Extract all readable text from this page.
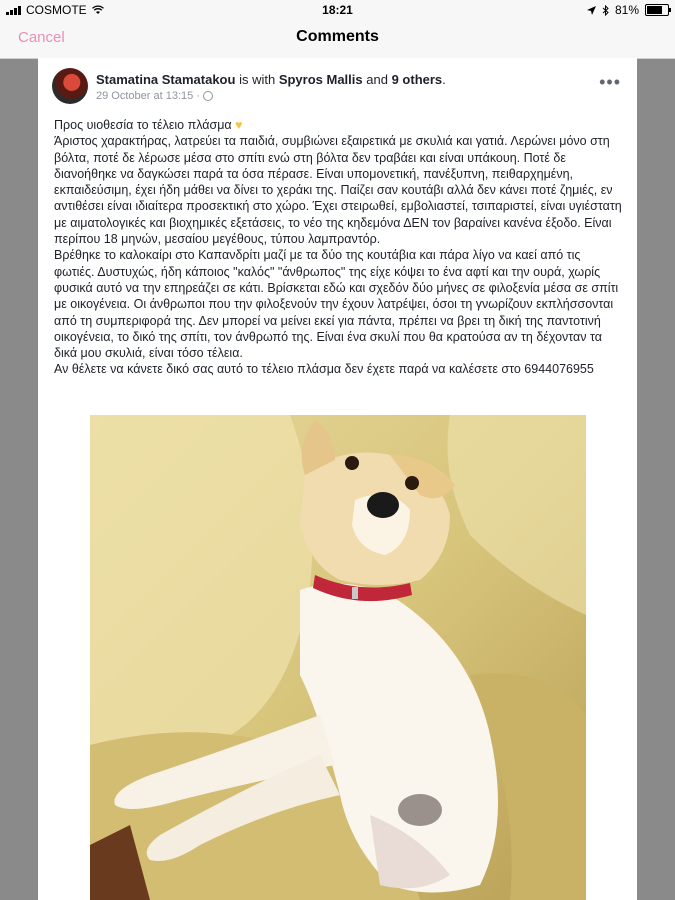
COSMOTE	18:21	81%
Cancel	Comments
Stamatina Stamatakou is with Spyros Mallis and 9 others.
29 October at 13:15 ·
•••

Προς υιοθεσία το τέλειο πλάσμα ♥

Άριστος χαρακτήρας, λατρεύει τα παιδιά, συμβιώνει εξαιρετικά με σκυλιά και γατιά. Λερώνει μόνο στη βόλτα, ποτέ δε λέρωσε μέσα στο σπίτι ενώ στη βόλτα δεν τραβάει και είναι υπάκουη. Ποτέ δε διανοήθηκε να δαγκώσει παρά τα όσα πέρασε. Είναι υπομονετική, πανέξυπνη, πειθαρχημένη, εκπαιδεύσιμη, έχει ήδη μάθει να δίνει το χεράκι της. Παίζει σαν κουτάβι αλλά δεν κάνει ποτέ ζημιές, εν αντιθέσει είναι ιδιαίτερα προσεκτική στο χώρο. Έχει στειρωθεί, εμβολιαστεί, τσιπαριστεί, είναι υγιέστατη με αιματολογικές και βιοχημικές εξετάσεις, το νέο της κηδεμόνα ΔΕΝ τον βαραίνει κανένα έξοδο. Είναι περίπου 18 μηνών, μεσαίου μεγέθους, τύπου λαμπραντόρ.

Βρέθηκε το καλοκαίρι στο Καπανδρίτι μαζί με τα δύο της κουτάβια και πάρα λίγο να καεί από τις φωτιές. Δυστυχώς, ήδη κάποιος "καλός" "άνθρωπος" της είχε κόψει το ένα αφτί και την ουρά, χωρίς φυσικά αυτό να την επηρεάζει σε κάτι. Βρίσκεται εδώ και σχεδόν δύο μήνες σε φιλοξενία μέσα σε σπίτι με οικογένεια. Οι άνθρωποι που την φιλοξενούν την έχουν λατρέψει, όσοι τη γνωρίζουν εκπλήσσονται από τη συμπεριφορά της. Δεν μπορεί να μείνει εκεί για πάντα, πρέπει να βρει τη δική της παντοτινή οικογένεια, το δικό της σπίτι, τον άνθρωπό της. Είναι ένα σκυλί που θα κρατούσα αν τη δέχονταν τα δικά μου σκυλιά, είναι τόσο τέλεια.

Αν θέλετε να κάνετε δικό σας αυτό το τέλειο πλάσμα δεν έχετε παρά να καλέσετε στο 6944076955
